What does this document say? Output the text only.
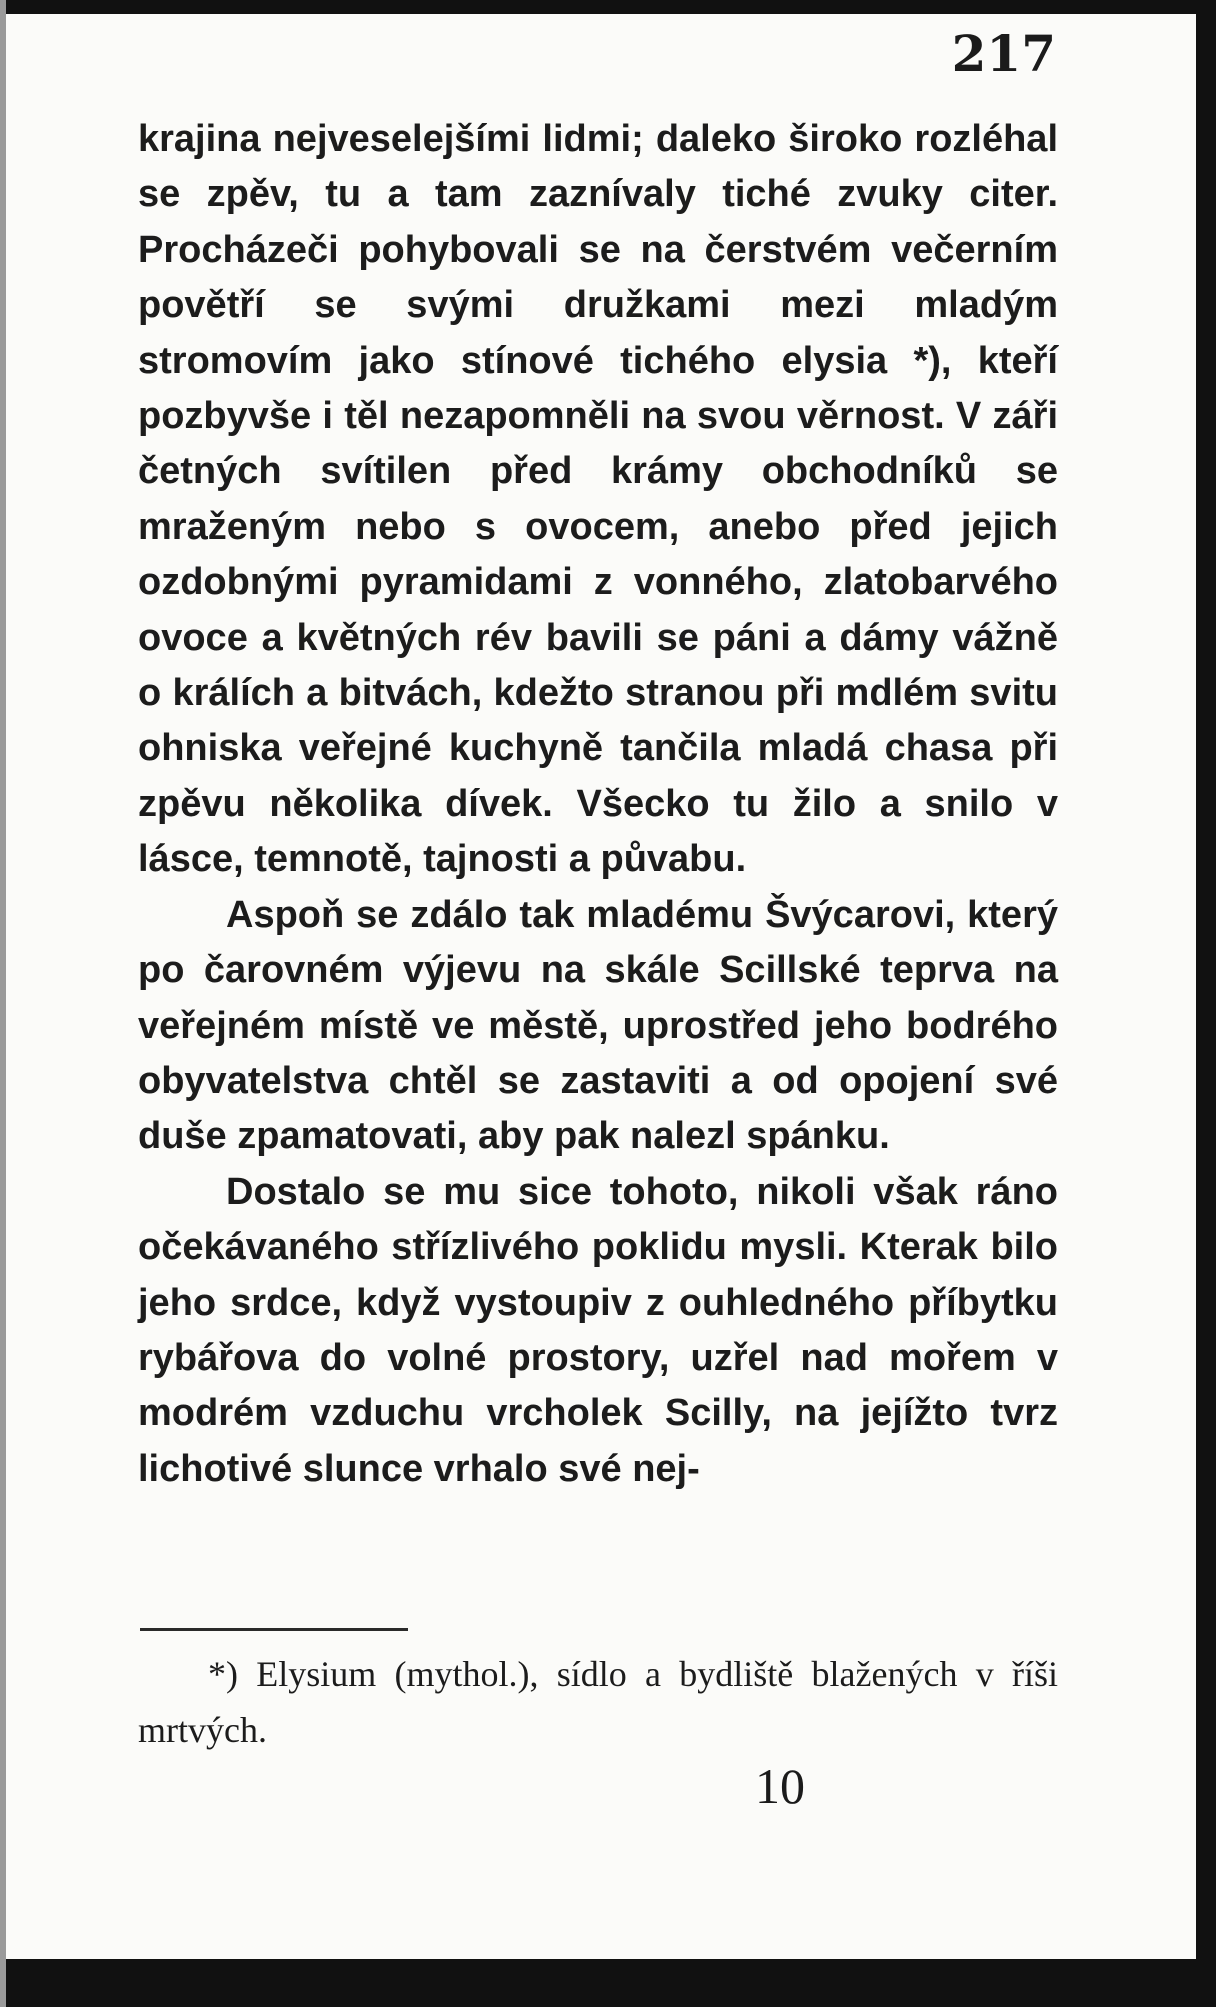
217

krajina nejveselejšími lidmi; daleko široko rozléhal se zpěv, tu a tam zaznívaly tiché zvuky citer. Procházeči pohybovali se na čerstvém večerním povětří se svými družkami mezi mladým stromovím jako stínové tichého elysia *), kteří pozbyvše i těl nezapomněli na svou věrnost. V záři četných svítilen před krámy obchodníků se mraženým nebo s ovocem, anebo před jejich ozdobnými pyramidami z vonného, zlatobarvého ovoce a květných rév bavili se páni a dámy vážně o králích a bitvách, kdežto stranou při mdlém svitu ohniska veřejné kuchyně tančila mladá chasa při zpěvu několika dívek. Všecko tu žilo a snilo v lásce, temnotě, tajnosti a půvabu.

Aspoň se zdálo tak mladému Švýcarovi, který po čarovném výjevu na skále Scillské teprva na veřejném místě ve městě, uprostřed jeho bodrého obyvatelstva chtěl se zastaviti a od opojení své duše zpamatovati, aby pak nalezl spánku.

Dostalo se mu sice tohoto, nikoli však ráno očekávaného střízlivého poklidu mysli. Kterak bilo jeho srdce, když vystoupiv z ouhledného příbytku rybářova do volné prostory, uzřel nad mořem v modrém vzduchu vrcholek Scilly, na jejížto tvrz lichotivé slunce vrhalo své nej-

*) Elysium (mythol.), sídlo a bydliště blažených v říši mrtvých.

10
